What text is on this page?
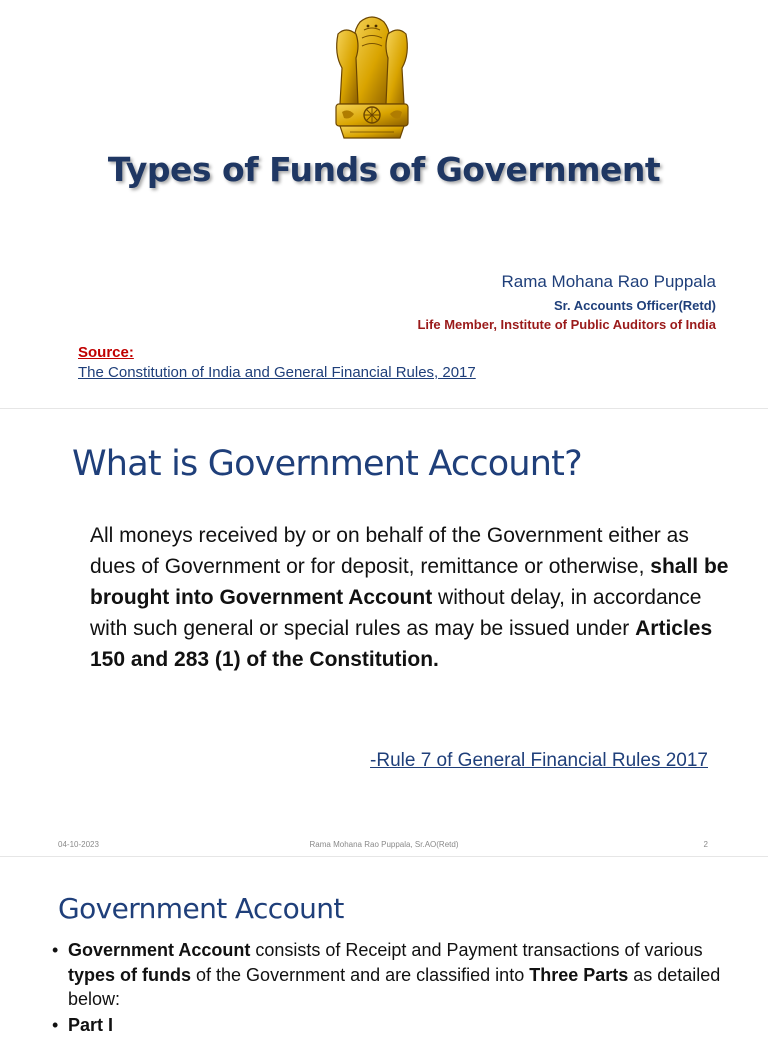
Types of Funds of Government
Rama Mohana Rao Puppala
Sr. Accounts Officer(Retd)
Life Member, Institute of Public Auditors of India
Source:
The Constitution of India and General Financial Rules, 2017
What is Government Account?
All moneys received by or on behalf of the Government either as dues of Government or for deposit, remittance or otherwise, shall be brought into Government Account without delay, in accordance with such general or special rules as may be issued under Articles 150 and 283 (1) of the Constitution.
-Rule 7 of General Financial Rules 2017
04-10-2023	Rama Mohana Rao Puppala, Sr.AO(Retd)	2
Government Account
• Government Account consists of Receipt and Payment transactions of various types of funds of the Government and are classified into Three Parts as detailed below:
• Part I
